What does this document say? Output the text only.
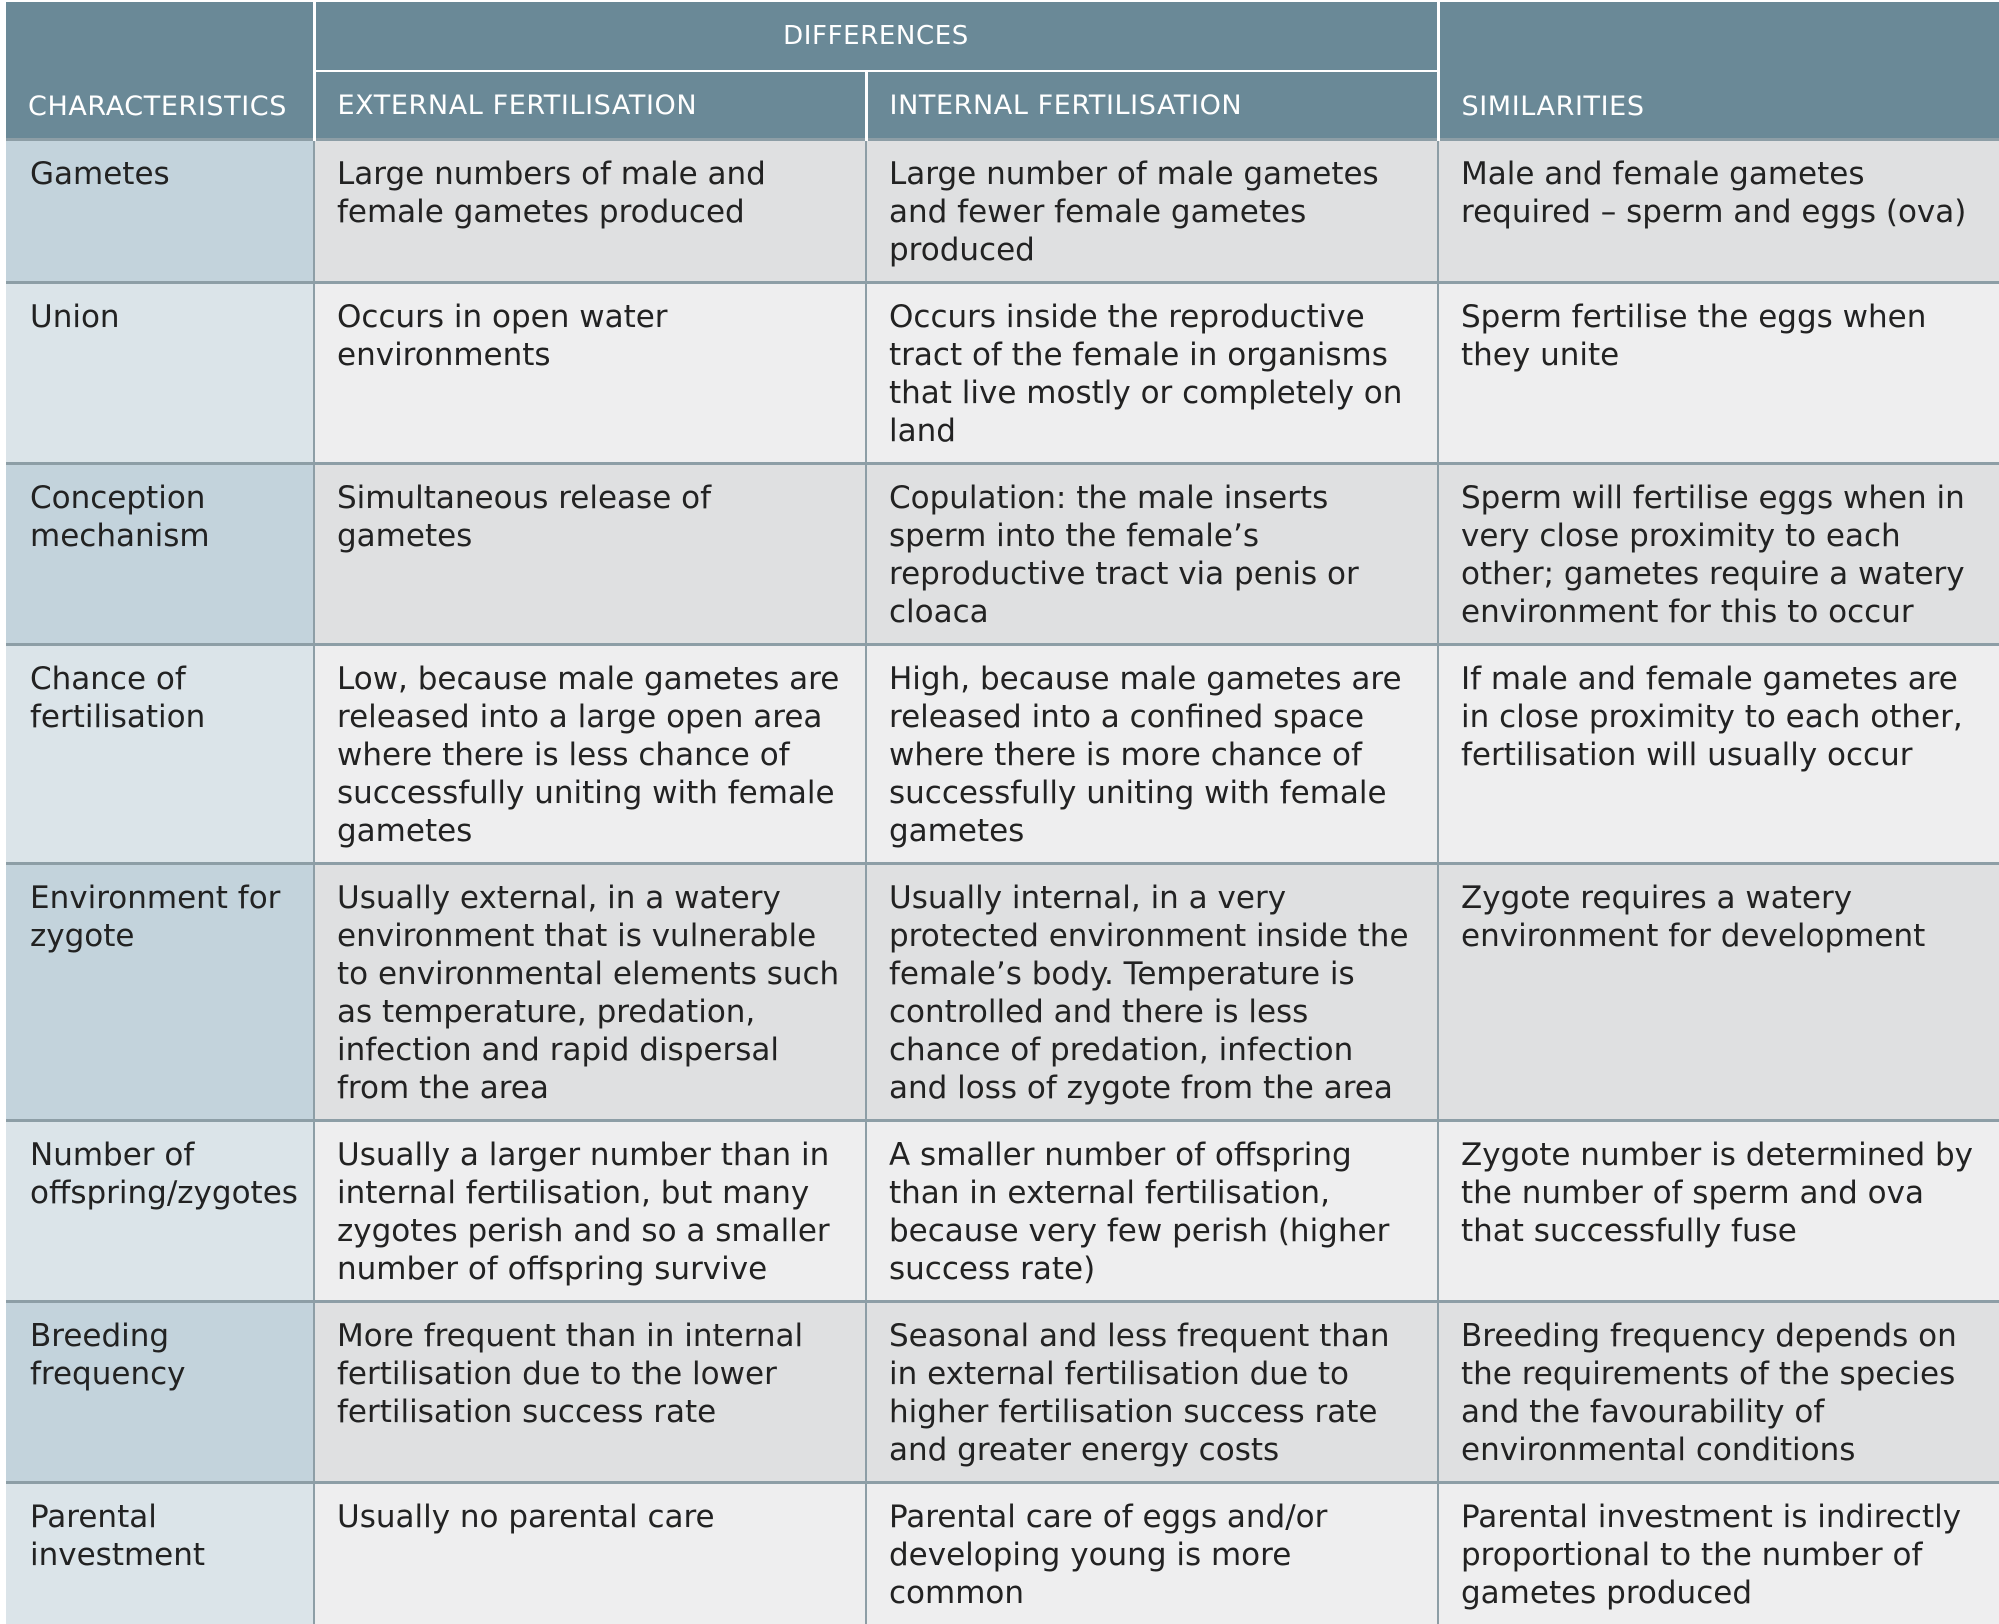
CHARACTERISTICS	DIFFERENCES		SIMILARITIES
	EXTERNAL FERTILISATION	INTERNAL FERTILISATION	
Gametes	Large numbers of male and female gametes produced	Large number of male gametes and fewer female gametes produced	Male and female gametes required – sperm and eggs (ova)
Union	Occurs in open water environments	Occurs inside the reproductive tract of the female in organisms that live mostly or completely on land	Sperm fertilise the eggs when they unite
Conception mechanism	Simultaneous release of gametes	Copulation: the male inserts sperm into the female’s reproductive tract via penis or cloaca	Sperm will fertilise eggs when in very close proximity to each other; gametes require a watery environment for this to occur
Chance of fertilisation	Low, because male gametes are released into a large open area where there is less chance of successfully uniting with female gametes	High, because male gametes are released into a confined space where there is more chance of successfully uniting with female gametes	If male and female gametes are in close proximity to each other, fertilisation will usually occur
Environment for zygote	Usually external, in a watery environment that is vulnerable to environmental elements such as temperature, predation, infection and rapid dispersal from the area	Usually internal, in a very protected environment inside the female’s body. Temperature is controlled and there is less chance of predation, infection and loss of zygote from the area	Zygote requires a watery environment for development
Number of offspring/zygotes	Usually a larger number than in internal fertilisation, but many zygotes perish and so a smaller number of offspring survive	A smaller number of offspring than in external fertilisation, because very few perish (higher success rate)	Zygote number is determined by the number of sperm and ova that successfully fuse
Breeding frequency	More frequent than in internal fertilisation due to the lower fertilisation success rate	Seasonal and less frequent than in external fertilisation due to higher fertilisation success rate and greater energy costs	Breeding frequency depends on the requirements of the species and the favourability of environmental conditions
Parental investment	Usually no parental care	Parental care of eggs and/or developing young is more common	Parental investment is indirectly proportional to the number of gametes produced
